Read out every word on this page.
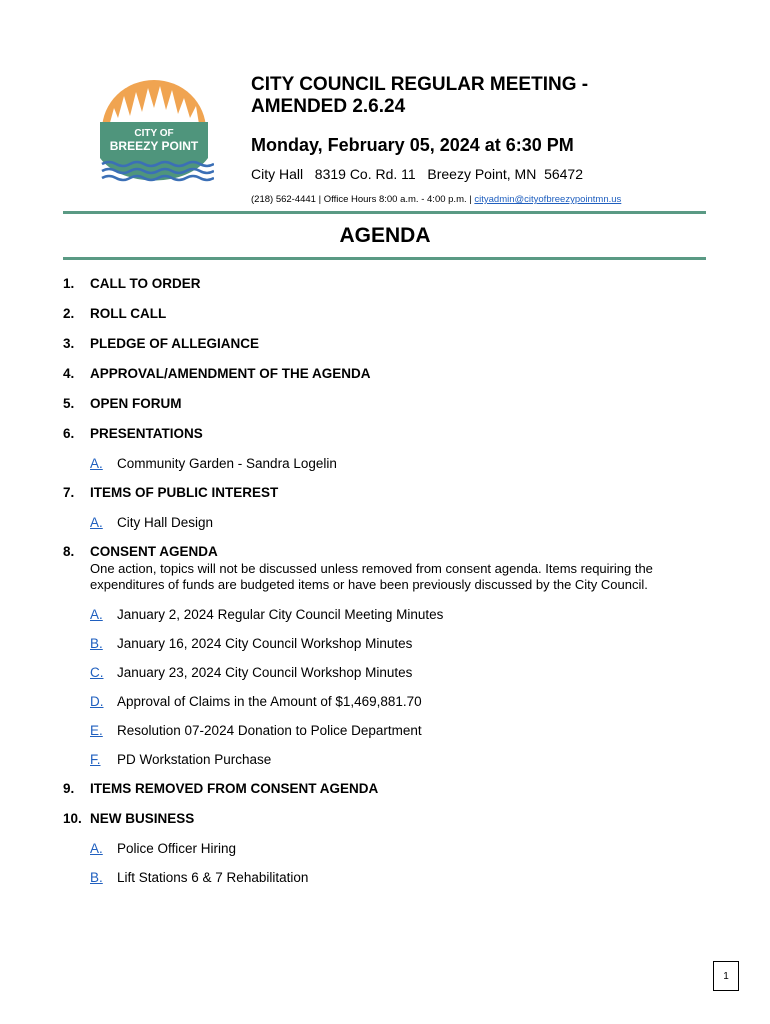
CITY OF
BREEZY POINT
CITY COUNCIL REGULAR MEETING - AMENDED 2.6.24
Monday, February 05, 2024 at 6:30 PM
City Hall   8319 Co. Rd. 11   Breezy Point, MN  56472
(218) 562-4441 | Office Hours 8:00 a.m. - 4:00 p.m. | cityadmin@cityofbreezypointmn.us
AGENDA
1.	CALL TO ORDER
2.	ROLL CALL
3.	PLEDGE OF ALLEGIANCE
4.	APPROVAL/AMENDMENT OF THE AGENDA
5.	OPEN FORUM
6.	PRESENTATIONS
A.	Community Garden - Sandra Logelin
7.	ITEMS OF PUBLIC INTEREST
A.	City Hall Design
8.	CONSENT AGENDA
One action, topics will not be discussed unless removed from consent agenda. Items requiring the expenditures of funds are budgeted items or have been previously discussed by the City Council.
A.	January 2, 2024 Regular City Council Meeting Minutes
B.	January 16, 2024 City Council Workshop Minutes
C.	January 23, 2024 City Council Workshop Minutes
D.	Approval of Claims in the Amount of $1,469,881.70
E.	Resolution 07-2024 Donation to Police Department
F.	PD Workstation Purchase
9.	ITEMS REMOVED FROM CONSENT AGENDA
10. NEW BUSINESS
A.	Police Officer Hiring
B.	Lift Stations 6 & 7 Rehabilitation
1
